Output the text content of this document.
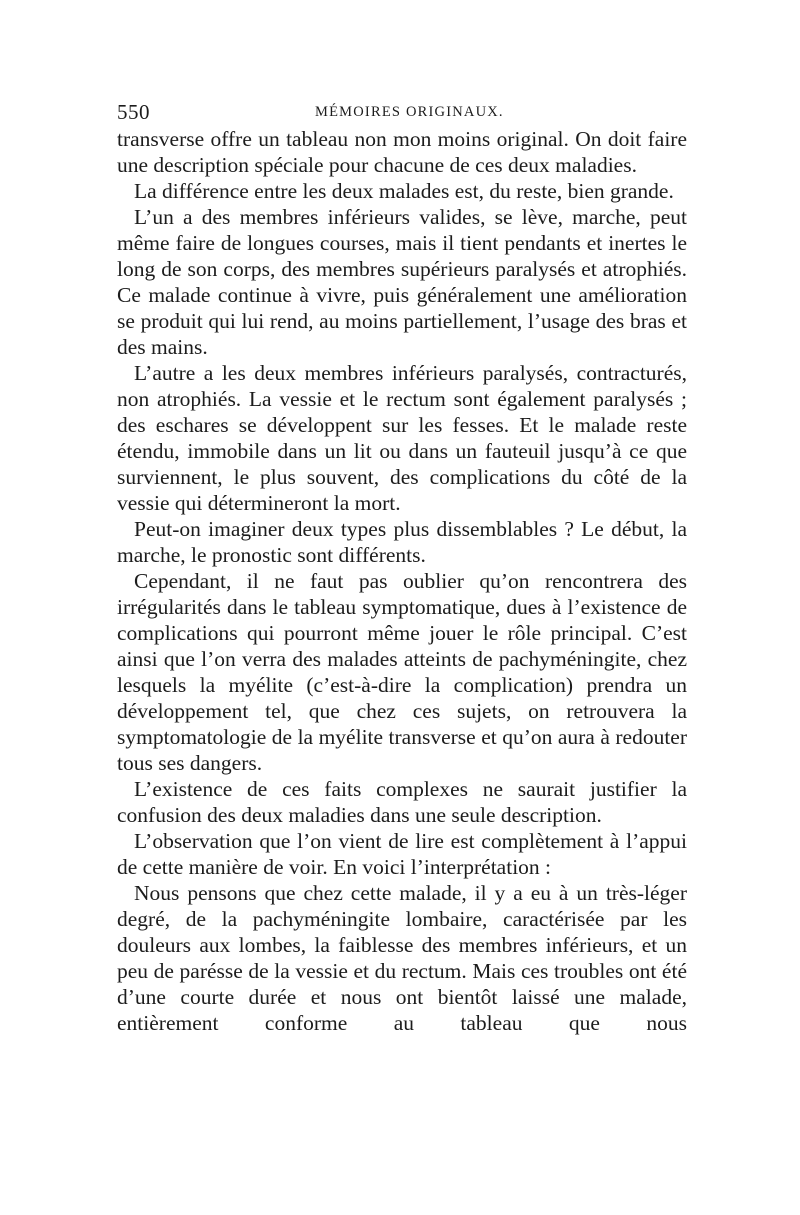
550	MÉMOIRES ORIGINAUX.

transverse offre un tableau non mon moins original. On doit faire une description spéciale pour chacune de ces deux maladies.

La différence entre les deux malades est, du reste, bien grande.

L’un a des membres inférieurs valides, se lève, marche, peut même faire de longues courses, mais il tient pendants et inertes le long de son corps, des membres supérieurs paralysés et atrophiés. Ce malade continue à vivre, puis généralement une amélioration se produit qui lui rend, au moins partiellement, l’usage des bras et des mains.

L’autre a les deux membres inférieurs paralysés, contracturés, non atrophiés. La vessie et le rectum sont également paralysés ; des eschares se développent sur les fesses. Et le malade reste étendu, immobile dans un lit ou dans un fauteuil jusqu’à ce que surviennent, le plus souvent, des complications du côté de la vessie qui détermineront la mort.

Peut-on imaginer deux types plus dissemblables ? Le début, la marche, le pronostic sont différents.

Cependant, il ne faut pas oublier qu’on rencontrera des irrégularités dans le tableau symptomatique, dues à l’existence de complications qui pourront même jouer le rôle principal. C’est ainsi que l’on verra des malades atteints de pachyméningite, chez lesquels la myélite (c’est-à-dire la complication) prendra un développement tel, que chez ces sujets, on retrouvera la symptomatologie de la myélite transverse et qu’on aura à redouter tous ses dangers.

L’existence de ces faits complexes ne saurait justifier la confusion des deux maladies dans une seule description.

L’observation que l’on vient de lire est complètement à l’appui de cette manière de voir. En voici l’interprétation :

Nous pensons que chez cette malade, il y a eu à un très-léger degré, de la pachyméningite lombaire, caractérisée par les douleurs aux lombes, la faiblesse des membres inférieurs, et un peu de parésse de la vessie et du rectum. Mais ces troubles ont été d’une courte durée et nous ont bientôt laissé une malade, entièrement conforme au tableau que nous
